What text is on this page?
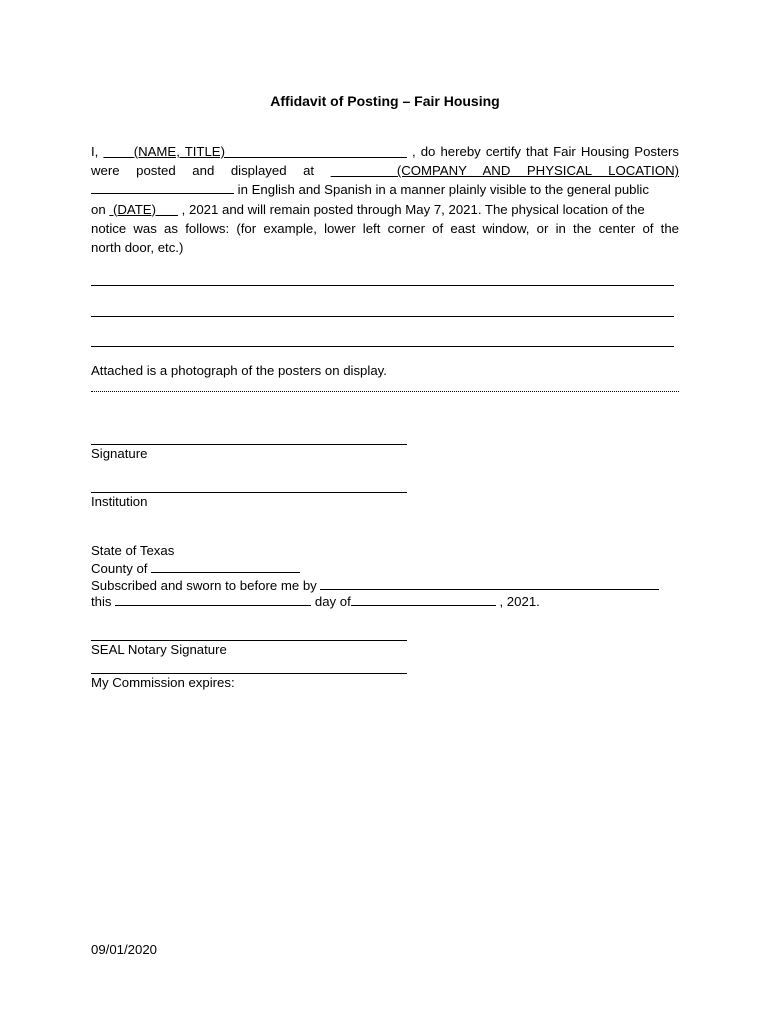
Affidavit of Posting – Fair Housing
I,	(NAME, TITLE)	, do hereby certify that Fair Housing Posters
were posted and displayed at	(COMPANY AND PHYSICAL LOCATION)
in English and Spanish in a manner plainly visible to the general public
on (DATE) , 2021 and will remain posted through May 7, 2021. The physical location of the
notice was as follows: (for example, lower left corner of east window, or in the center of the
north door, etc.)
Attached is a photograph of the posters on display.
Signature
Institution
State of Texas
County of
Subscribed and sworn to before me by
this	day of	, 2021.
SEAL Notary Signature
My Commission expires:
09/01/2020
